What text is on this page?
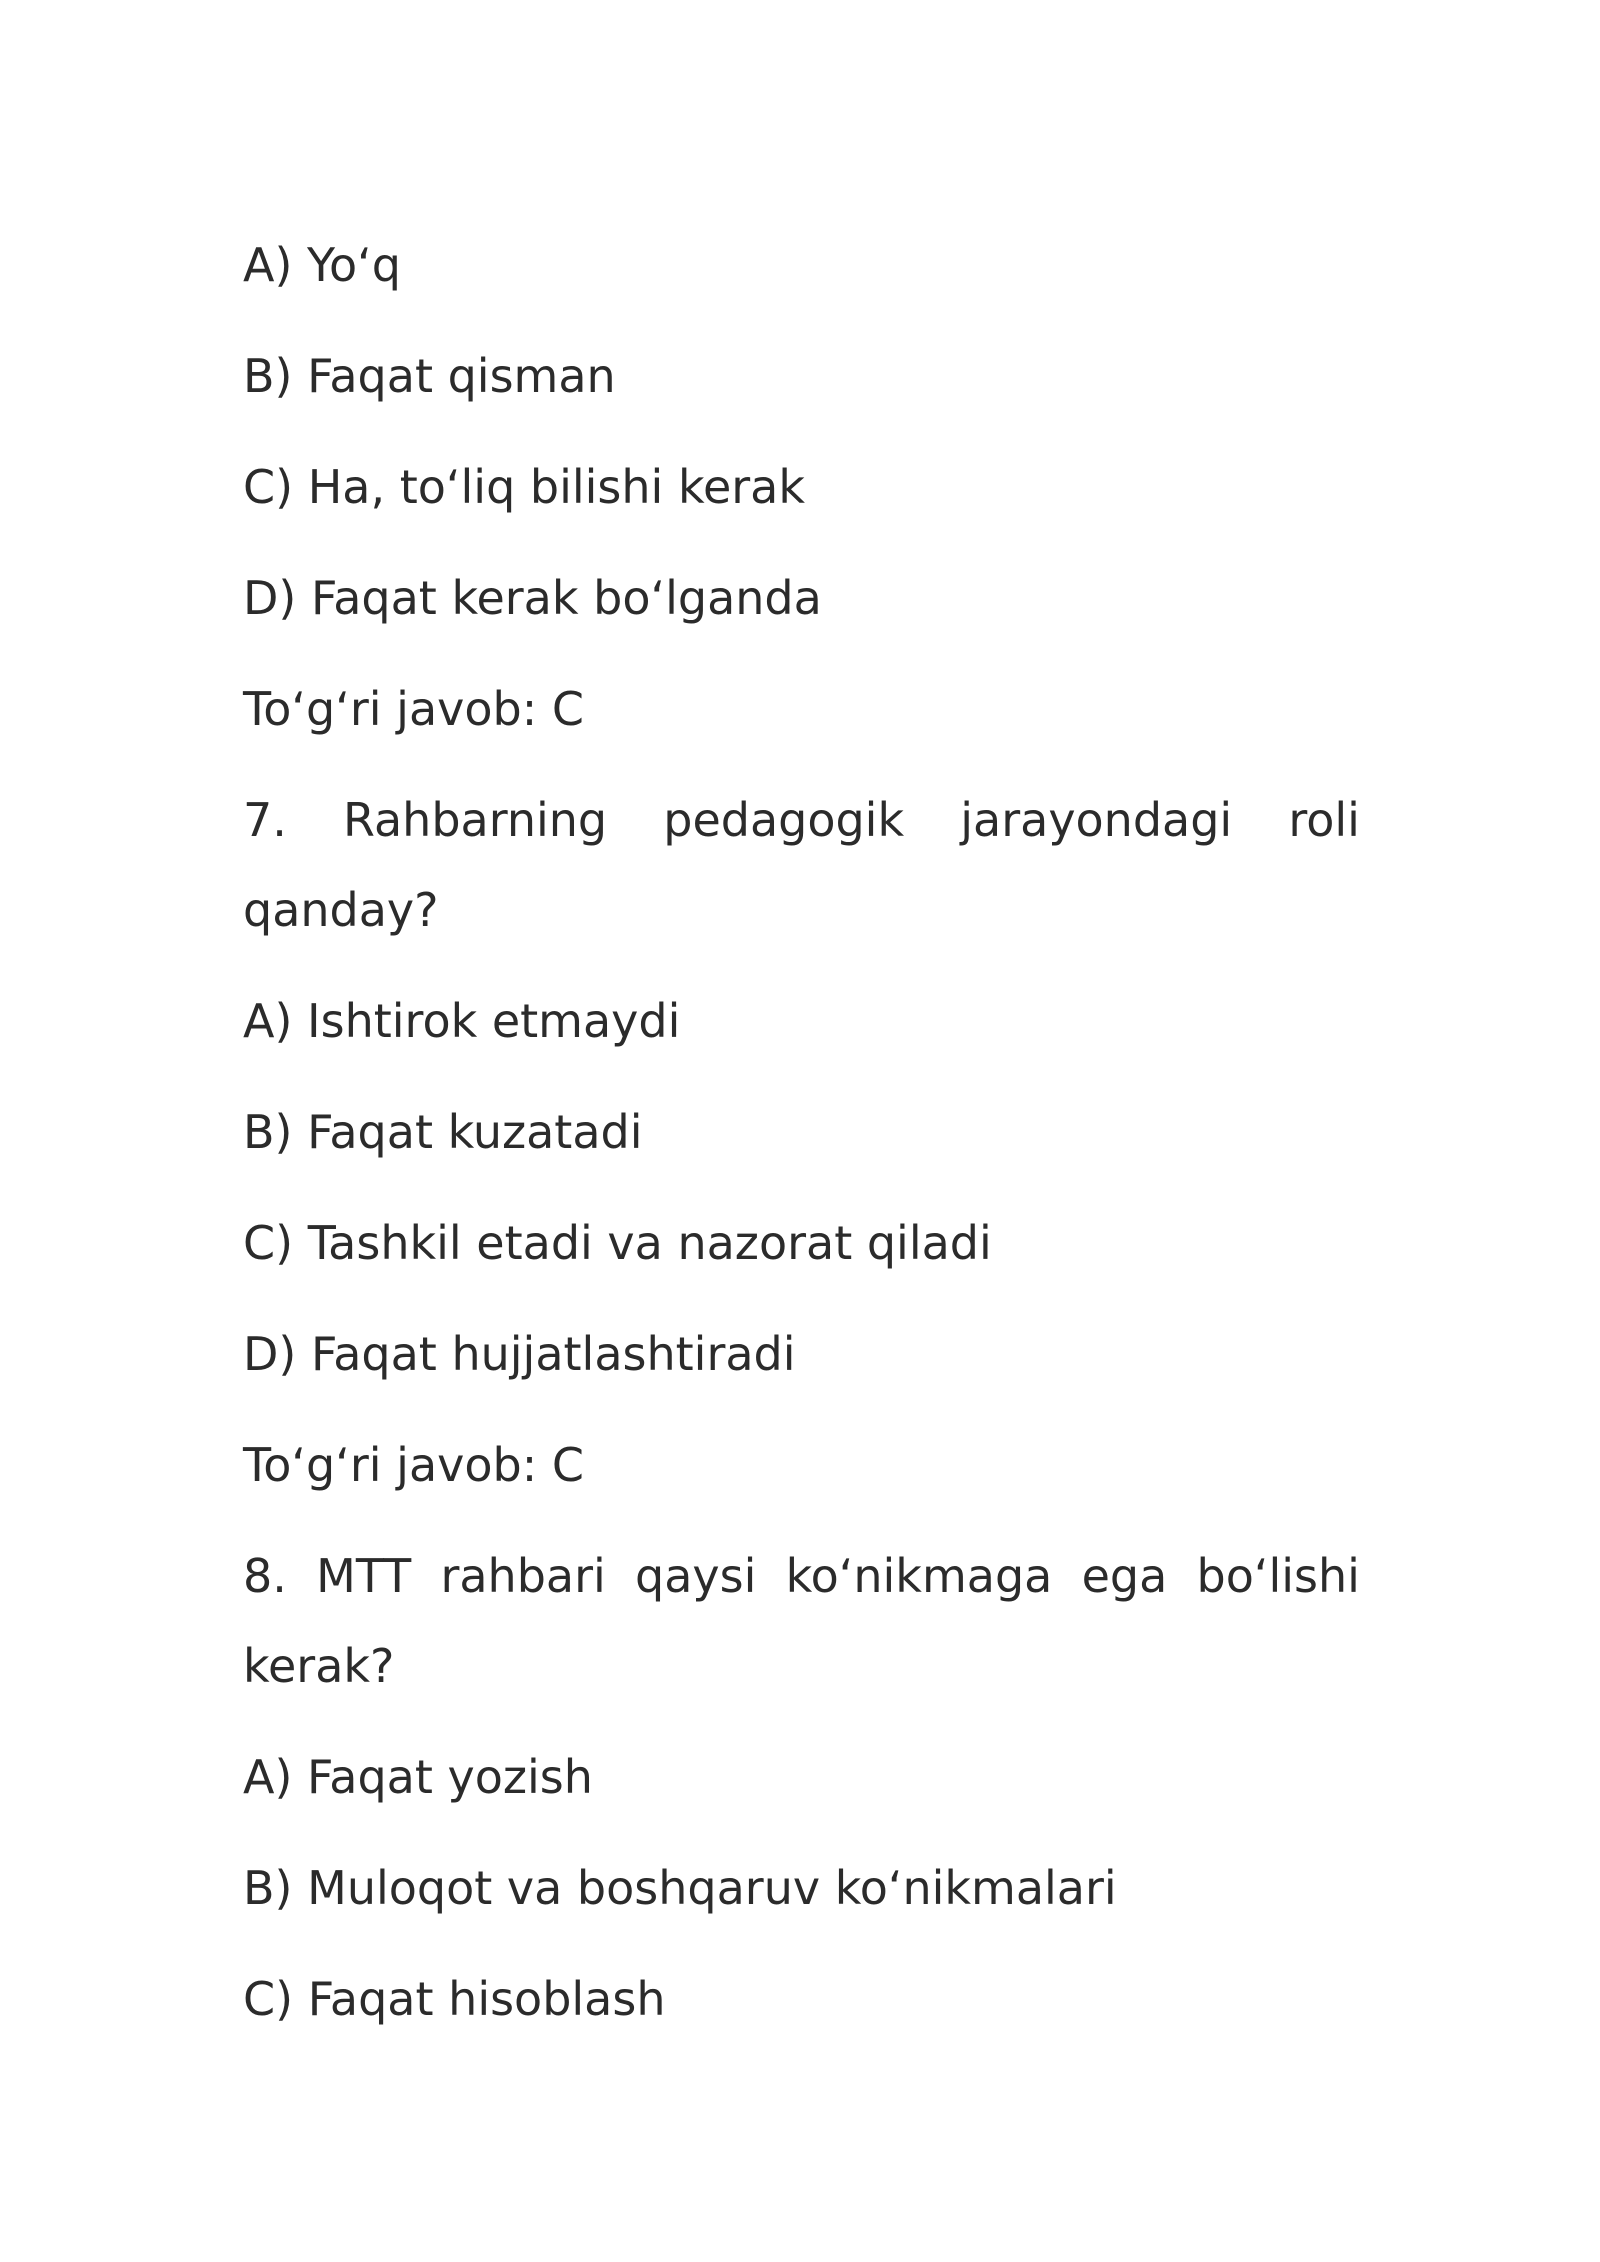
A) Yo‘q
B) Faqat qisman
C) Ha, to‘liq bilishi kerak
D) Faqat kerak bo‘lganda
To‘g‘ri javob: C
7. Rahbarning pedagogik jarayondagi roli
qanday?
A) Ishtirok etmaydi
B) Faqat kuzatadi
C) Tashkil etadi va nazorat qiladi
D) Faqat hujjatlashtiradi
To‘g‘ri javob: C
8. MTT rahbari qaysi ko‘nikmaga ega bo‘lishi
kerak?
A) Faqat yozish
B) Muloqot va boshqaruv ko‘nikmalari
C) Faqat hisoblash
